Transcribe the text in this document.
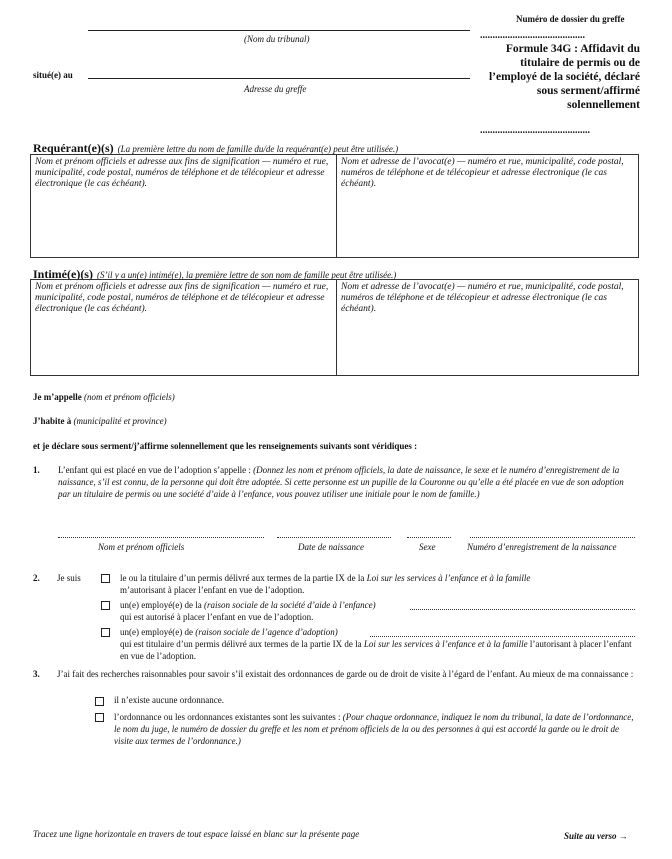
(Nom du tribunal)
situé(e) au
Adresse du greffe
Numéro de dossier du greffe
..........................................
Formule 34G : Affidavit du titulaire de permis ou de l’employé de la société, déclaré sous serment/affirmé solennellement
............................................
Requérant(e)(s) (La première lettre du nom de famille du/de la requérant(e) peut être utilisée.)
Nom et prénom officiels et adresse aux fins de signification — numéro et rue, municipalité, code postal, numéros de téléphone et de télécopieur et adresse électronique (le cas échéant).
Nom et adresse de l’avocat(e) — numéro et rue, municipalité, code postal, numéros de téléphone et de télécopieur et adresse électronique (le cas échéant).
Intimé(e)(s) (S’il y a un(e) intimé(e), la première lettre de son nom de famille peut être utilisée.)
Nom et prénom officiels et adresse aux fins de signification — numéro et rue, municipalité, code postal, numéros de téléphone et de télécopieur et adresse électronique (le cas échéant).
Nom et adresse de l’avocat(e) — numéro et rue, municipalité, code postal, numéros de téléphone et de télécopieur et adresse électronique (le cas échéant).
Je m’appelle (nom et prénom officiels)
J’habite à (municipalité et province)
et je déclare sous serment/j’affirme solennellement que les renseignements suivants sont véridiques :
1. L’enfant qui est placé en vue de l’adoption s’appelle : (Donnez les nom et prénom officiels, la date de naissance, le sexe et le numéro d’enregistrement de la naissance, s’il est connu, de la personne qui doit être adoptée. Si cette personne est un pupille de la Couronne ou qu’elle a été placée en vue de son adoption par un titulaire de permis ou une société d’aide à l’enfance, vous pouvez utiliser une initiale pour le nom de famille.)
Nom et prénom officiels	Date de naissance	Sexe	Numéro d’enregistrement de la naissance
2. Je suis	le ou la titulaire d’un permis délivré aux termes de la partie IX de la Loi sur les services à l’enfance et à la famille
m’autorisant à placer l’enfant en vue de l’adoption.
un(e) employé(e) de la (raison sociale de la société d’aide à l’enfance)
qui est autorisé à placer l’enfant en vue de l’adoption.
un(e) employé(e) de (raison sociale de l’agence d’adoption)
qui est titulaire d’un permis délivré aux termes de la partie IX de la Loi sur les services à l’enfance et à la famille l’autorisant à placer l’enfant en vue de l’adoption.
3. J’ai fait des recherches raisonnables pour savoir s’il existait des ordonnances de garde ou de droit de visite à l’égard de l’enfant. Au mieux de ma connaissance :
il n’existe aucune ordonnance.
l’ordonnance ou les ordonnances existantes sont les suivantes : (Pour chaque ordonnance, indiquez le nom du tribunal, la date de l’ordonnance, le nom du juge, le numéro de dossier du greffe et les nom et prénom officiels de la ou des personnes à qui est accordé la garde ou le droit de visite aux termes de l’ordonnance.)
Tracez une ligne horizontale en travers de tout espace laissé en blanc sur la présente page	Suite au verso →
